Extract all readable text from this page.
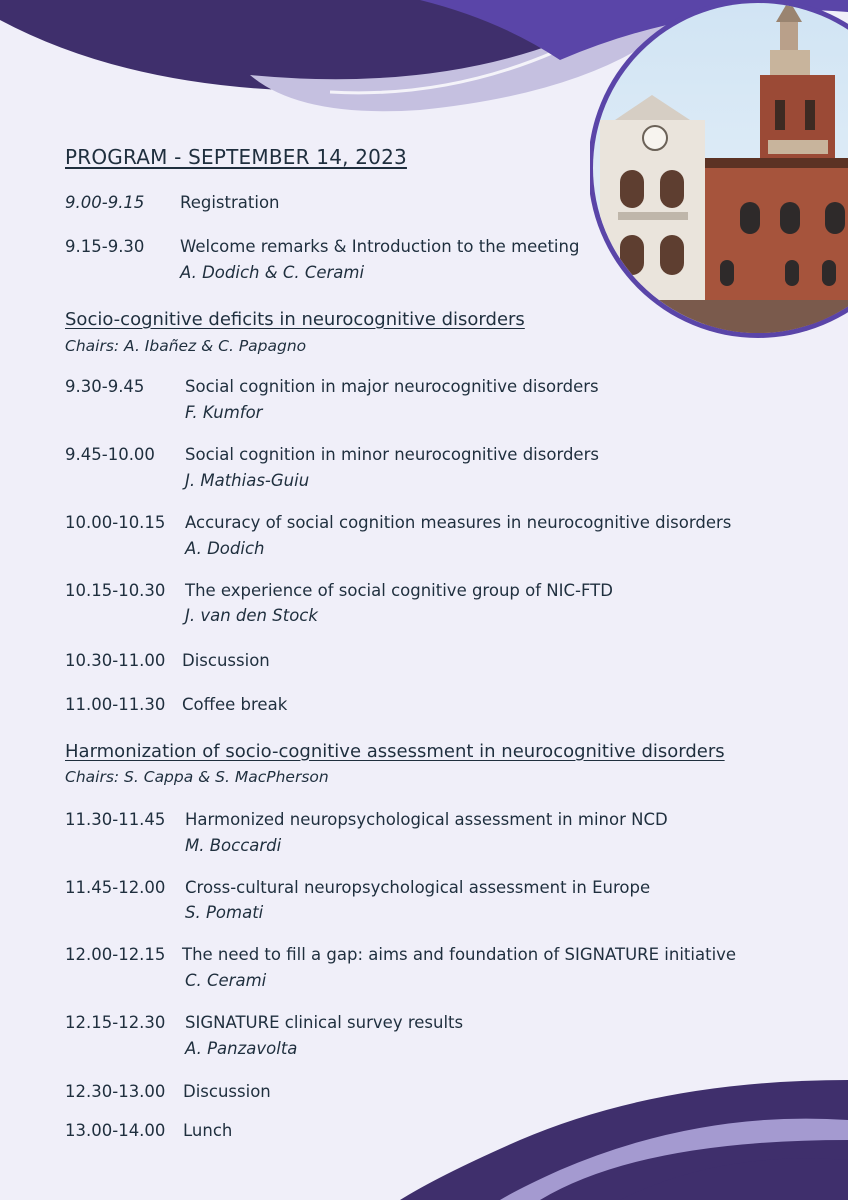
PROGRAM - SEPTEMBER 14, 2023
9.00-9.15 Registration
9.15-9.30 Welcome remarks & Introduction to the meeting
A. Dodich & C. Cerami
Socio-cognitive deficits in neurocognitive disorders
Chairs: A. Ibañez & C. Papagno
9.30-9.45 Social cognition in major neurocognitive disorders
F. Kumfor
9.45-10.00 Social cognition in minor neurocognitive disorders
J. Mathias-Guiu
10.00-10.15 Accuracy of social cognition measures in neurocognitive disorders
A. Dodich
10.15-10.30 The experience of social cognitive group of NIC-FTD
J. van den Stock
10.30-11.00 Discussion
11.00-11.30 Coffee break
Harmonization of socio-cognitive assessment in neurocognitive disorders
Chairs: S. Cappa & S. MacPherson
11.30-11.45 Harmonized neuropsychological assessment in minor NCD
M. Boccardi
11.45-12.00 Cross-cultural neuropsychological assessment in Europe
S. Pomati
12.00-12.15 The need to fill a gap: aims and foundation of SIGNATURE initiative
C. Cerami
12.15-12.30 SIGNATURE clinical survey results
A. Panzavolta
12.30-13.00 Discussion
13.00-14.00 Lunch
